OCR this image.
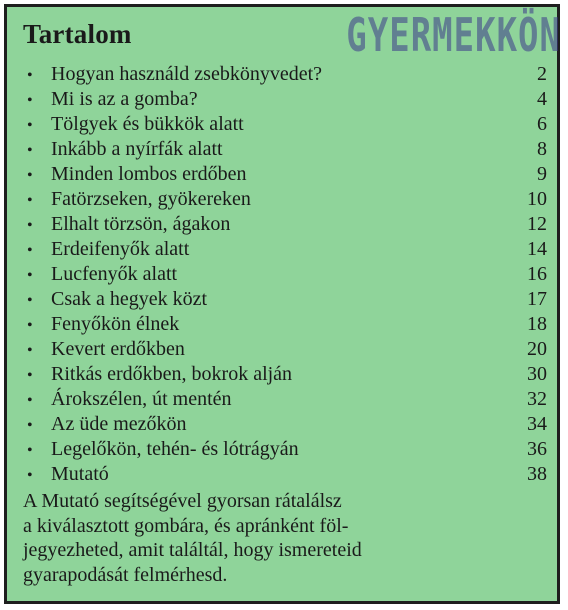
GYERMEKKÖN
Tartalom
• Hogyan használd zsebkönyvedet?	2
• Mi is az a gomba?	4
• Tölgyek és bükkök alatt	6
• Inkább a nyírfák alatt	8
• Minden lombos erdőben	9
• Fatörzseken, gyökereken	10
• Elhalt törzsön, ágakon	12
• Erdeifenyők alatt	14
• Lucfenyők alatt	16
• Csak a hegyek közt	17
• Fenyőkön élnek	18
• Kevert erdőkben	20
• Ritkás erdőkben, bokrok alján	30
• Árokszélen, út mentén	32
• Az üde mezőkön	34
• Legelőkön, tehén- és lótrágyán	36
• Mutató	38
A Mutató segítségével gyorsan rátalálsz
a kiválasztott gombára, és apránként föl-
jegyezheted, amit találtál, hogy ismereteid
gyarapodását felmérhesd.
